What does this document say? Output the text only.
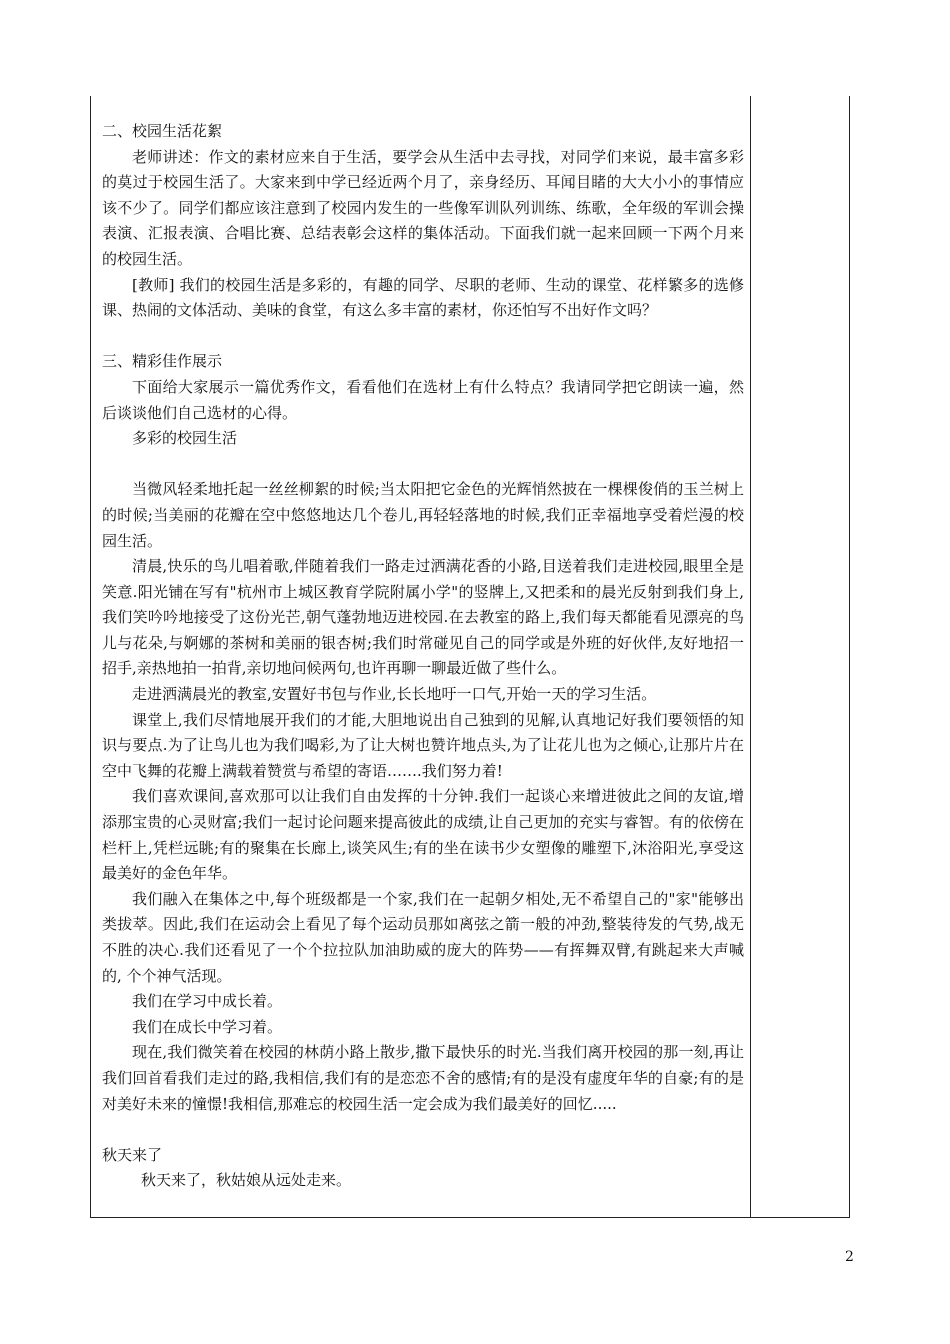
二、校园生活花絮

老师讲述：作文的素材应来自于生活，要学会从生活中去寻找，对同学们来说，最丰富多彩的莫过于校园生活了。大家来到中学已经近两个月了，亲身经历、耳闻目睹的大大小小的事情应该不少了。同学们都应该注意到了校园内发生的一些像军训队列训练、练歌，全年级的军训会操表演、汇报表演、合唱比赛、总结表彰会这样的集体活动。下面我们就一起来回顾一下两个月来的校园生活。

[教师] 我们的校园生活是多彩的，有趣的同学、尽职的老师、生动的课堂、花样繁多的选修课、热闹的文体活动、美味的食堂，有这么多丰富的素材，你还怕写不出好作文吗？

三、精彩佳作展示

下面给大家展示一篇优秀作文，看看他们在选材上有什么特点？我请同学把它朗读一遍，然后谈谈他们自己选材的心得。

多彩的校园生活

当微风轻柔地托起一丝丝柳絮的时候;当太阳把它金色的光辉悄然披在一棵棵俊俏的玉兰树上的时候;当美丽的花瓣在空中悠悠地达几个卷儿,再轻轻落地的时候,我们正幸福地享受着烂漫的校园生活。

清晨,快乐的鸟儿唱着歌,伴随着我们一路走过洒满花香的小路,目送着我们走进校园,眼里全是笑意.阳光铺在写有"杭州市上城区教育学院附属小学"的竖牌上,又把柔和的晨光反射到我们身上,我们笑吟吟地接受了这份光芒,朝气蓬勃地迈进校园.在去教室的路上,我们每天都能看见漂亮的鸟儿与花朵,与婀娜的茶树和美丽的银杏树;我们时常碰见自己的同学或是外班的好伙伴,友好地招一招手,亲热地拍一拍背,亲切地问候两句,也许再聊一聊最近做了些什么。

走进洒满晨光的教室,安置好书包与作业,长长地吁一口气,开始一天的学习生活。

课堂上,我们尽情地展开我们的才能,大胆地说出自己独到的见解,认真地记好我们要领悟的知识与要点.为了让鸟儿也为我们喝彩,为了让大树也赞许地点头,为了让花儿也为之倾心,让那片片在空中飞舞的花瓣上满载着赞赏与希望的寄语…….我们努力着!

我们喜欢课间,喜欢那可以让我们自由发挥的十分钟.我们一起谈心来增进彼此之间的友谊,增添那宝贵的心灵财富;我们一起讨论问题来提高彼此的成绩,让自己更加的充实与睿智。有的依傍在栏杆上,凭栏远眺;有的聚集在长廊上,谈笑风生;有的坐在读书少女塑像的雕塑下,沐浴阳光,享受这最美好的金色年华。

我们融入在集体之中,每个班级都是一个家,我们在一起朝夕相处,无不希望自己的"家"能够出类拔萃。因此,我们在运动会上看见了每个运动员那如离弦之箭一般的冲劲,整装待发的气势,战无不胜的决心.我们还看见了一个个拉拉队加油助威的庞大的阵势——有挥舞双臂,有跳起来大声喊的, 个个神气活现。

我们在学习中成长着。

我们在成长中学习着。

现在,我们微笑着在校园的林荫小路上散步,撒下最快乐的时光.当我们离开校园的那一刻,再让我们回首看我们走过的路,我相信,我们有的是恋恋不舍的感情;有的是没有虚度年华的自豪;有的是对美好未来的憧憬!我相信,那难忘的校园生活一定会成为我们最美好的回忆.....

秋天来了

秋天来了，秋姑娘从远处走来。

2
